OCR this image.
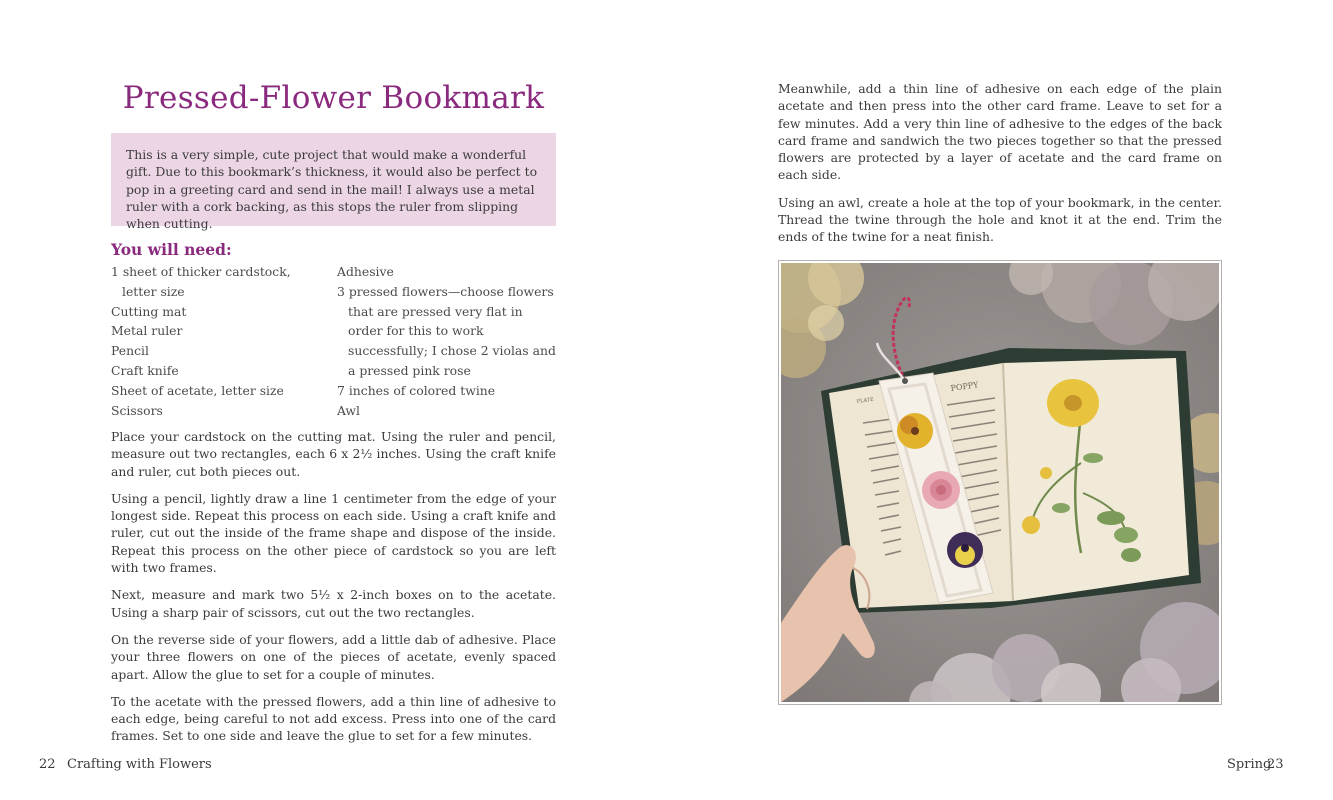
Pressed-Flower Bookmark
This is a very simple, cute project that would make a wonderful gift. Due to this bookmark’s thickness, it would also be perfect to pop in a greeting card and send in the mail! I always use a metal ruler with a cork backing, as this stops the ruler from slipping when cutting.
You will need:
1 sheet of thicker cardstock, letter size
Cutting mat
Metal ruler
Pencil
Craft knife
Sheet of acetate, letter size
Scissors
Adhesive
3 pressed flowers—choose flowers that are pressed very flat in order for this to work successfully; I chose 2 violas and a pressed pink rose
7 inches of colored twine
Awl

Place your cardstock on the cutting mat. Using the ruler and pencil, measure out two rectangles, each 6 x 2½ inches. Using the craft knife and ruler, cut both pieces out.

Using a pencil, lightly draw a line 1 centimeter from the edge of your longest side. Repeat this process on each side. Using a craft knife and ruler, cut out the inside of the frame shape and dispose of the inside. Repeat this process on the other piece of cardstock so you are left with two frames.

Next, measure and mark two 5½ x 2-inch boxes on to the acetate. Using a sharp pair of scissors, cut out the two rectangles.

On the reverse side of your flowers, add a little dab of adhesive. Place your three flowers on one of the pieces of acetate, evenly spaced apart. Allow the glue to set for a couple of minutes.

To the acetate with the pressed flowers, add a thin line of adhesive to each edge, being careful to not add excess. Press into one of the card frames. Set to one side and leave the glue to set for a few minutes.

22 Crafting with Flowers

Meanwhile, add a thin line of adhesive on each edge of the plain acetate and then press into the other card frame. Leave to set for a few minutes. Add a very thin line of adhesive to the edges of the back card frame and sandwich the two pieces together so that the pressed flowers are protected by a layer of acetate and the card frame on each side.

Using an awl, create a hole at the top of your bookmark, in the center. Thread the twine through the hole and knot it at the end. Trim the ends of the twine for a neat finish.

POPPY
PLATE
Spring
23
